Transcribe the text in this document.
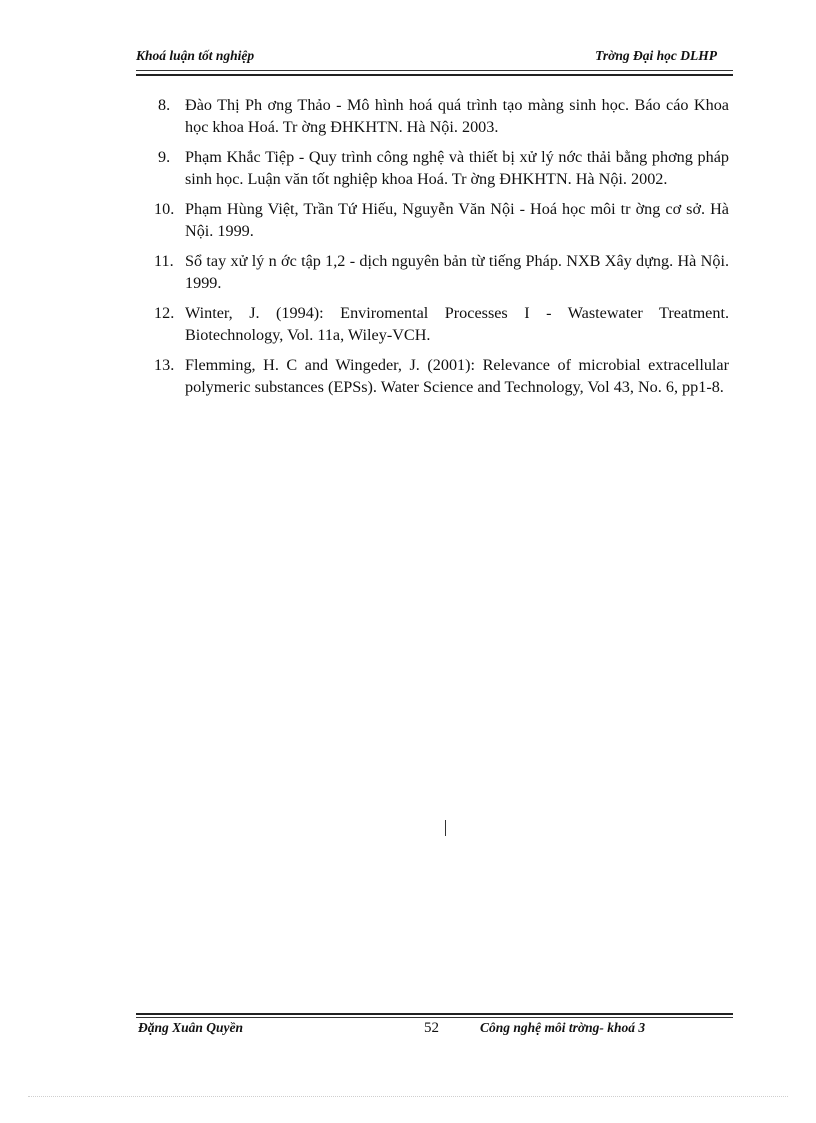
Khoá luận tốt nghiệp	Trờng Đại học DLHP
8. Đào Thị Ph ơng Thảo - Mô hình hoá quá trình tạo màng sinh học. Báo cáo Khoa học khoa Hoá. Tr ờng ĐHKHTN. Hà Nội. 2003.
9. Phạm Khắc Tiệp - Quy trình công nghệ và thiết bị xử lý nớc thải bằng phơng pháp sinh học. Luận văn tốt nghiệp khoa Hoá. Tr ờng ĐHKHTN. Hà Nội. 2002.
10. Phạm Hùng Việt, Trần Tứ Hiếu, Nguyễn Văn Nội - Hoá học môi tr ờng cơ sở. Hà Nội. 1999.
11. Sổ tay xử lý n ớc tập 1,2 - dịch nguyên bản từ tiếng Pháp. NXB Xây dựng. Hà Nội. 1999.
12. Winter, J. (1994): Enviromental Processes I - Wastewater Treatment. Biotechnology, Vol. 11a, Wiley-VCH.
13. Flemming, H. C and Wingeder, J. (2001): Relevance of microbial extracellular polymeric substances (EPSs). Water Science and Technology, Vol 43, No. 6, pp1-8.
Đặng Xuân Quyền	52	Công nghệ môi trờng- khoá 3
